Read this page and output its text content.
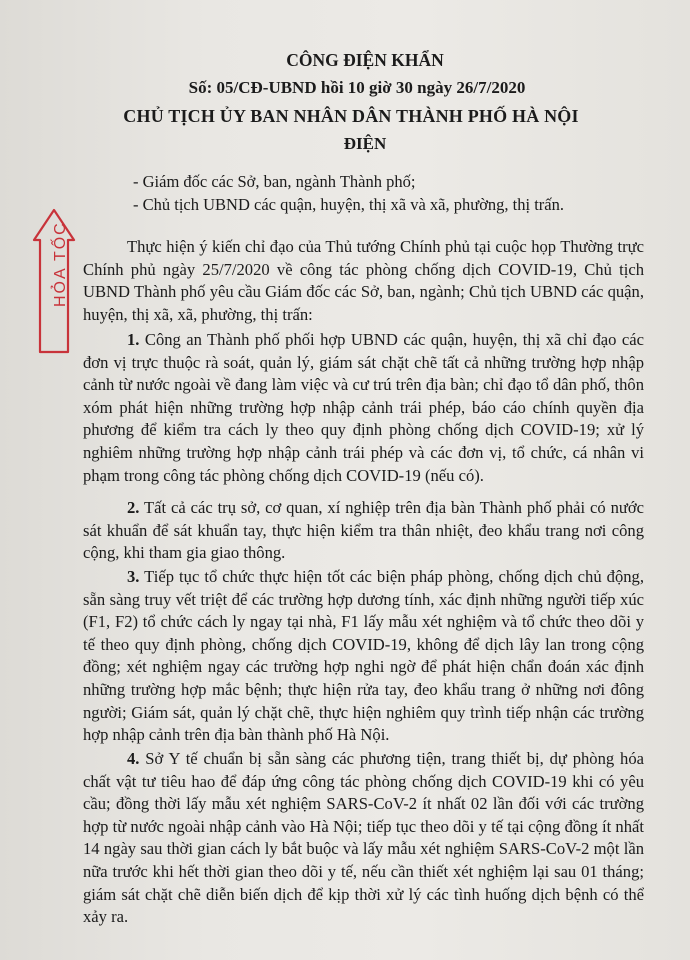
CÔNG ĐIỆN KHẨN
Số: 05/CĐ-UBND hồi 10 giờ 30 ngày 26/7/2020
CHỦ TỊCH ỦY BAN NHÂN DÂN THÀNH PHỐ HÀ NỘI
ĐIỆN
- Giám đốc các Sở, ban, ngành Thành phố;
- Chủ tịch UBND các quận, huyện, thị xã và xã, phường, thị trấn.
HỎA TỐC	Thực hiện ý kiến chỉ đạo của Thủ tướng Chính phủ tại cuộc họp Thường trực Chính phủ ngày 25/7/2020 về công tác phòng chống dịch COVID-19, Chủ tịch UBND Thành phố yêu cầu Giám đốc các Sở, ban, ngành; Chủ tịch UBND các quận, huyện, thị xã, xã, phường, thị trấn:

1. Công an Thành phố phối hợp UBND các quận, huyện, thị xã chỉ đạo các đơn vị trực thuộc rà soát, quản lý, giám sát chặt chẽ tất cả những trường hợp nhập cảnh từ nước ngoài về đang làm việc và cư trú trên địa bàn; chỉ đạo tổ dân phố, thôn xóm phát hiện những trường hợp nhập cảnh trái phép, báo cáo chính quyền địa phương để kiểm tra cách ly theo quy định phòng chống dịch COVID-19; xử lý nghiêm những trường hợp nhập cảnh trái phép và các đơn vị, tổ chức, cá nhân vi phạm trong công tác phòng chống dịch COVID-19 (nếu có).

2. Tất cả các trụ sở, cơ quan, xí nghiệp trên địa bàn Thành phố phải có nước sát khuẩn để sát khuẩn tay, thực hiện kiểm tra thân nhiệt, đeo khẩu trang nơi công cộng, khi tham gia giao thông.

3. Tiếp tục tổ chức thực hiện tốt các biện pháp phòng, chống dịch chủ động, sẵn sàng truy vết triệt để các trường hợp dương tính, xác định những người tiếp xúc (F1, F2) tổ chức cách ly ngay tại nhà, F1 lấy mẫu xét nghiệm và tổ chức theo dõi y tế theo quy định phòng, chống dịch COVID-19, không để dịch lây lan trong cộng đồng; xét nghiệm ngay các trường hợp nghi ngờ để phát hiện chẩn đoán xác định những trường hợp mắc bệnh; thực hiện rửa tay, đeo khẩu trang ở những nơi đông người; Giám sát, quản lý chặt chẽ, thực hiện nghiêm quy trình tiếp nhận các trường hợp nhập cảnh trên địa bàn thành phố Hà Nội.

4. Sở Y tế chuẩn bị sẵn sàng các phương tiện, trang thiết bị, dự phòng hóa chất vật tư tiêu hao để đáp ứng công tác phòng chống dịch COVID-19 khi có yêu cầu; đồng thời lấy mẫu xét nghiệm SARS-CoV-2 ít nhất 02 lần đối với các trường hợp từ nước ngoài nhập cảnh vào Hà Nội; tiếp tục theo dõi y tế tại cộng đồng ít nhất 14 ngày sau thời gian cách ly bắt buộc và lấy mẫu xét nghiệm SARS-CoV-2 một lần nữa trước khi hết thời gian theo dõi y tế, nếu cần thiết xét nghiệm lại sau 01 tháng; giám sát chặt chẽ diễn biến dịch để kịp thời xử lý các tình huống dịch bệnh có thể xảy ra.
